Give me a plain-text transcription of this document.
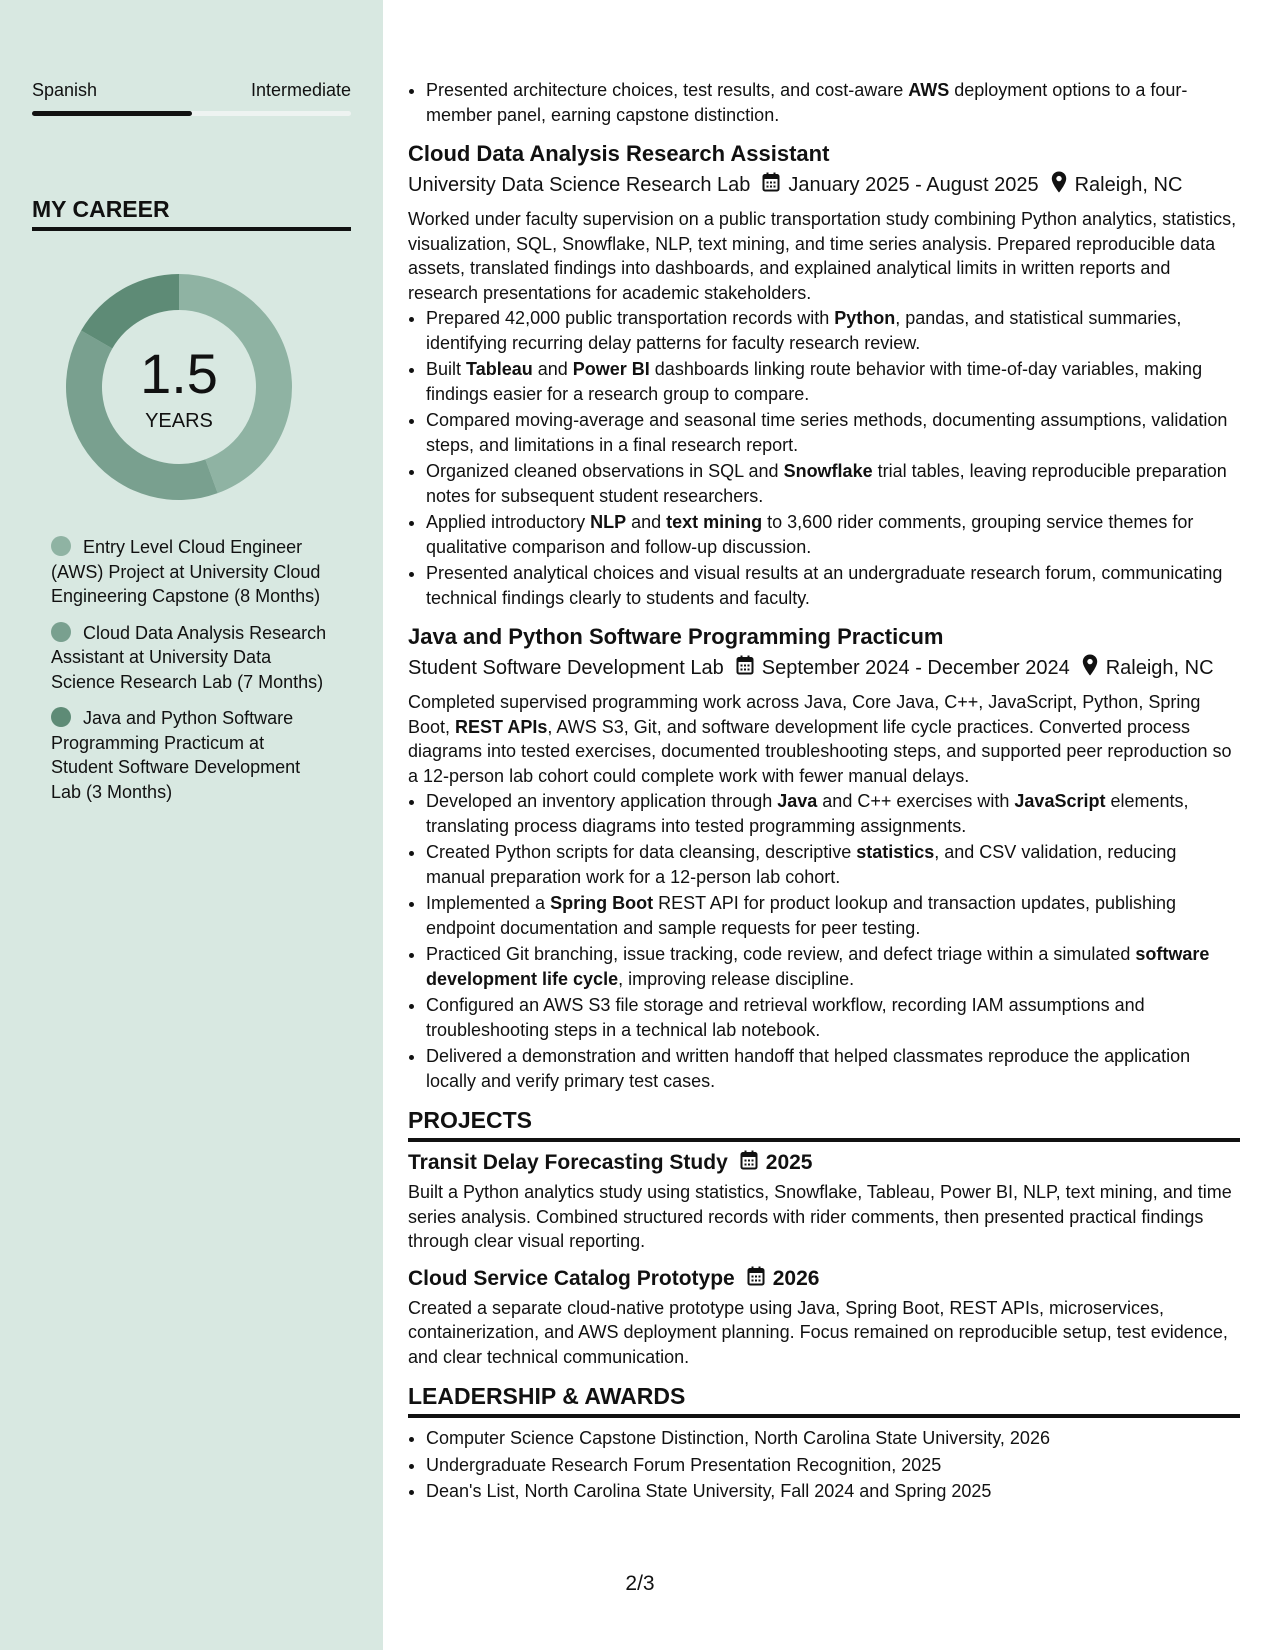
Spanish	Intermediate
MY CAREER
1.5
YEARS
Entry Level Cloud Engineer (AWS) Project at University Cloud Engineering Capstone (8 Months)
Cloud Data Analysis Research Assistant at University Data Science Research Lab (7 Months)
Java and Python Software Programming Practicum at Student Software Development Lab (3 Months)
• Presented architecture choices, test results, and cost-aware AWS deployment options to a four-member panel, earning capstone distinction.
Cloud Data Analysis Research Assistant
University Data Science Research Lab January 2025 - August 2025 Raleigh, NC
Worked under faculty supervision on a public transportation study combining Python analytics, statistics, visualization, SQL, Snowflake, NLP, text mining, and time series analysis. Prepared reproducible data assets, translated findings into dashboards, and explained analytical limits in written reports and research presentations for academic stakeholders.
• Prepared 42,000 public transportation records with Python, pandas, and statistical summaries, identifying recurring delay patterns for faculty research review.
• Built Tableau and Power BI dashboards linking route behavior with time-of-day variables, making findings easier for a research group to compare.
• Compared moving-average and seasonal time series methods, documenting assumptions, validation steps, and limitations in a final research report.
• Organized cleaned observations in SQL and Snowflake trial tables, leaving reproducible preparation notes for subsequent student researchers.
• Applied introductory NLP and text mining to 3,600 rider comments, grouping service themes for qualitative comparison and follow-up discussion.
• Presented analytical choices and visual results at an undergraduate research forum, communicating technical findings clearly to students and faculty.
Java and Python Software Programming Practicum
Student Software Development Lab September 2024 - December 2024 Raleigh, NC
Completed supervised programming work across Java, Core Java, C++, JavaScript, Python, Spring Boot, REST APIs, AWS S3, Git, and software development life cycle practices. Converted process diagrams into tested exercises, documented troubleshooting steps, and supported peer reproduction so a 12-person lab cohort could complete work with fewer manual delays.
• Developed an inventory application through Java and C++ exercises with JavaScript elements, translating process diagrams into tested programming assignments.
• Created Python scripts for data cleansing, descriptive statistics, and CSV validation, reducing manual preparation work for a 12-person lab cohort.
• Implemented a Spring Boot REST API for product lookup and transaction updates, publishing endpoint documentation and sample requests for peer testing.
• Practiced Git branching, issue tracking, code review, and defect triage within a simulated software development life cycle, improving release discipline.
• Configured an AWS S3 file storage and retrieval workflow, recording IAM assumptions and troubleshooting steps in a technical lab notebook.
• Delivered a demonstration and written handoff that helped classmates reproduce the application locally and verify primary test cases.
PROJECTS
Transit Delay Forecasting Study 2025
Built a Python analytics study using statistics, Snowflake, Tableau, Power BI, NLP, text mining, and time series analysis. Combined structured records with rider comments, then presented practical findings through clear visual reporting.
Cloud Service Catalog Prototype 2026
Created a separate cloud-native prototype using Java, Spring Boot, REST APIs, microservices, containerization, and AWS deployment planning. Focus remained on reproducible setup, test evidence, and clear technical communication.
LEADERSHIP & AWARDS
• Computer Science Capstone Distinction, North Carolina State University, 2026
• Undergraduate Research Forum Presentation Recognition, 2025
• Dean's List, North Carolina State University, Fall 2024 and Spring 2025
2/3
